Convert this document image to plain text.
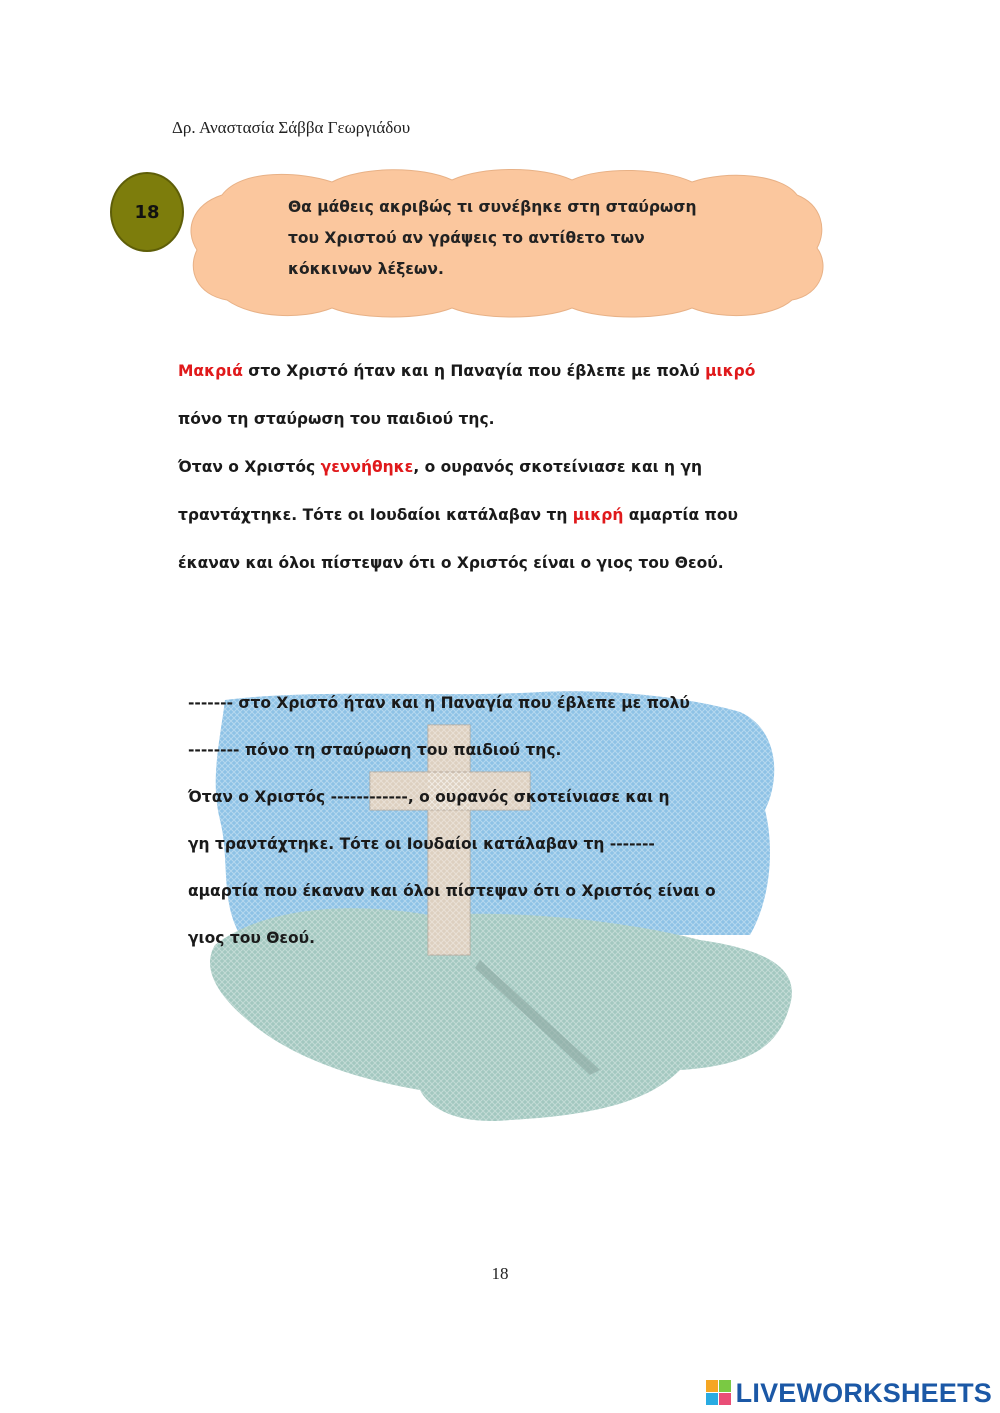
Δρ. Αναστασία Σάββα Γεωργιάδου
18	Θα μάθεις ακριβώς τι συνέβηκε στη σταύρωση
του Χριστού αν γράψεις το αντίθετο των
κόκκινων λέξεων.
Μακριά στο Χριστό ήταν και η Παναγία που έβλεπε με πολύ μικρό
πόνο τη σταύρωση του παιδιού της.
Όταν ο Χριστός γεννήθηκε, ο ουρανός σκοτείνιασε και η γη
τραντάχτηκε. Τότε οι Ιουδαίοι κατάλαβαν τη μικρή αμαρτία που
έκαναν και όλοι πίστεψαν ότι ο Χριστός είναι ο γιος του Θεού.
------- στο Χριστό ήταν και η Παναγία που έβλεπε με πολύ
-------- πόνο τη σταύρωση του παιδιού της.
Όταν ο Χριστός ------------, ο ουρανός σκοτείνιασε και η
γη τραντάχτηκε. Τότε οι Ιουδαίοι κατάλαβαν τη -------
αμαρτία που έκαναν και όλοι πίστεψαν ότι ο Χριστός είναι ο
γιος του Θεού.
18
LIVEWORKSHEETS
